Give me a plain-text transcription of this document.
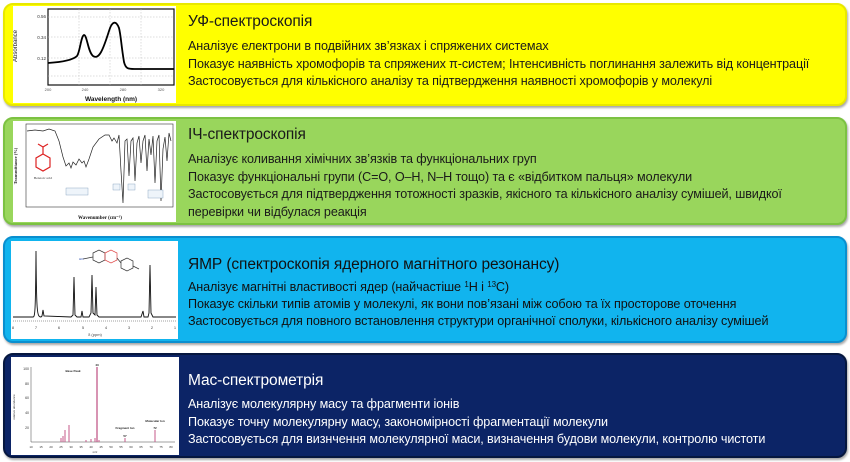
Absorbance
0.56
0.34
0.12
200	240	280	320
Wavelength (nm)
УФ-спектроскопія
Аналізує електрони в подвійних зв’язках і спряжених системах
Показує наявність хромофорів та спряжених π-систем; Інтенсивність поглинання залежить від концентрації
Застосовується для кількісного аналізу та підтвердження наявності хромофорів у молекулі
Transmittance (%)	Benzoic acid
Wavenumber (cm⁻¹)
ІЧ-спектроскопія
Аналізує коливання хімічних зв’язків та функціональних груп
Показує функціональні групи (C=O, O–H, N–H тощо) та є «відбитком пальця» молекули
Застосовується для підтвердження тотожності зразків, якісного та кількісного аналізу сумішей, швидкої перевірки чи відбулася реакція
8	7	6	5	4	3	2	1
δ (ppm)
HO	ЯМР (спектроскопія ядерного магнітного резонансу)
Аналізує магнітні властивості ядер (найчастіше $^1$H і $^{13}$C)
Показує скільки типів атомів у молекулі, як вони пов’язані між собою та їх просторове оточення
Застосовується для повного встановлення структури органічної сполуки, кількісного аналізу сумішей
relative abundance
100
80
60
40
20
10 15 20 25 30 35 40 45 50 55 60 65 70 75 80
m/z
Base Peak
43
Fragment Ion
57
Molecular Ion
72
Мас-спектрометрія
Аналізує молекулярну масу та фрагменти іонів
Показує точну молекулярну масу, закономірності фрагментації молекули
Застосовується для визнчення молекулярної маси, визначення будови молекули, контролю чистоти
